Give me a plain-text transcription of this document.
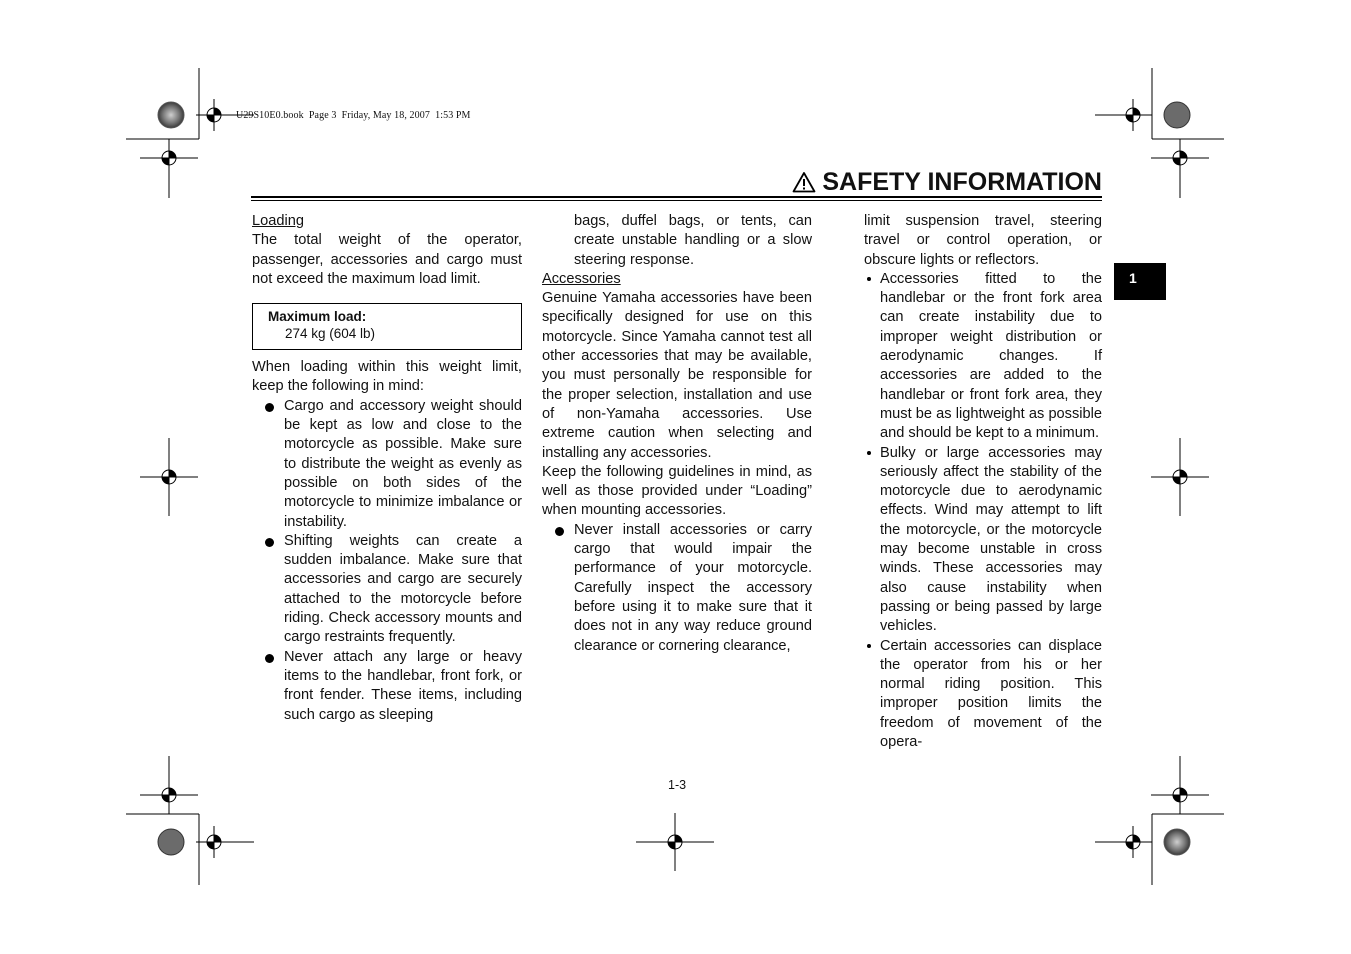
U29S10E0.book  Page 3  Friday, May 18, 2007  1:53 PM
SAFETY INFORMATION
1

Loading

The total weight of the operator, passenger, accessories and cargo must not exceed the maximum load limit.

Maximum load:
274 kg (604 lb)

When loading within this weight limit, keep the following in mind:

Cargo and accessory weight should be kept as low and close to the motorcycle as possible. Make sure to distribute the weight as evenly as possible on both sides of the motorcycle to minimize imbalance or instability.
Shifting weights can create a sudden imbalance. Make sure that accessories and cargo are securely attached to the motorcycle before riding. Check accessory mounts and cargo restraints frequently.
Never attach any large or heavy items to the handlebar, front fork, or front fender. These items, including such cargo as sleeping

bags, duffel bags, or tents, can create unstable handling or a slow steering response.

Accessories

Genuine Yamaha accessories have been specifically designed for use on this motorcycle. Since Yamaha cannot test all other accessories that may be available, you must personally be responsible for the proper selection, installation and use of non-Yamaha accessories. Use extreme caution when selecting and installing any accessories.

Keep the following guidelines in mind, as well as those provided under “Loading” when mounting accessories.

Never install accessories or carry cargo that would impair the performance of your motorcycle. Carefully inspect the accessory before using it to make sure that it does not in any way reduce ground clearance or cornering clearance,

limit suspension travel, steering travel or control operation, or obscure lights or reflectors.

Accessories fitted to the handlebar or the front fork area can create instability due to improper weight distribution or aerodynamic changes. If accessories are added to the handlebar or front fork area, they must be as lightweight as possible and should be kept to a minimum.
Bulky or large accessories may seriously affect the stability of the motorcycle due to aerodynamic effects. Wind may attempt to lift the motorcycle, or the motorcycle may become unstable in cross winds. These accessories may also cause instability when passing or being passed by large vehicles.
Certain accessories can displace the operator from his or her normal riding position. This improper position limits the freedom of movement of the opera-
1-3
